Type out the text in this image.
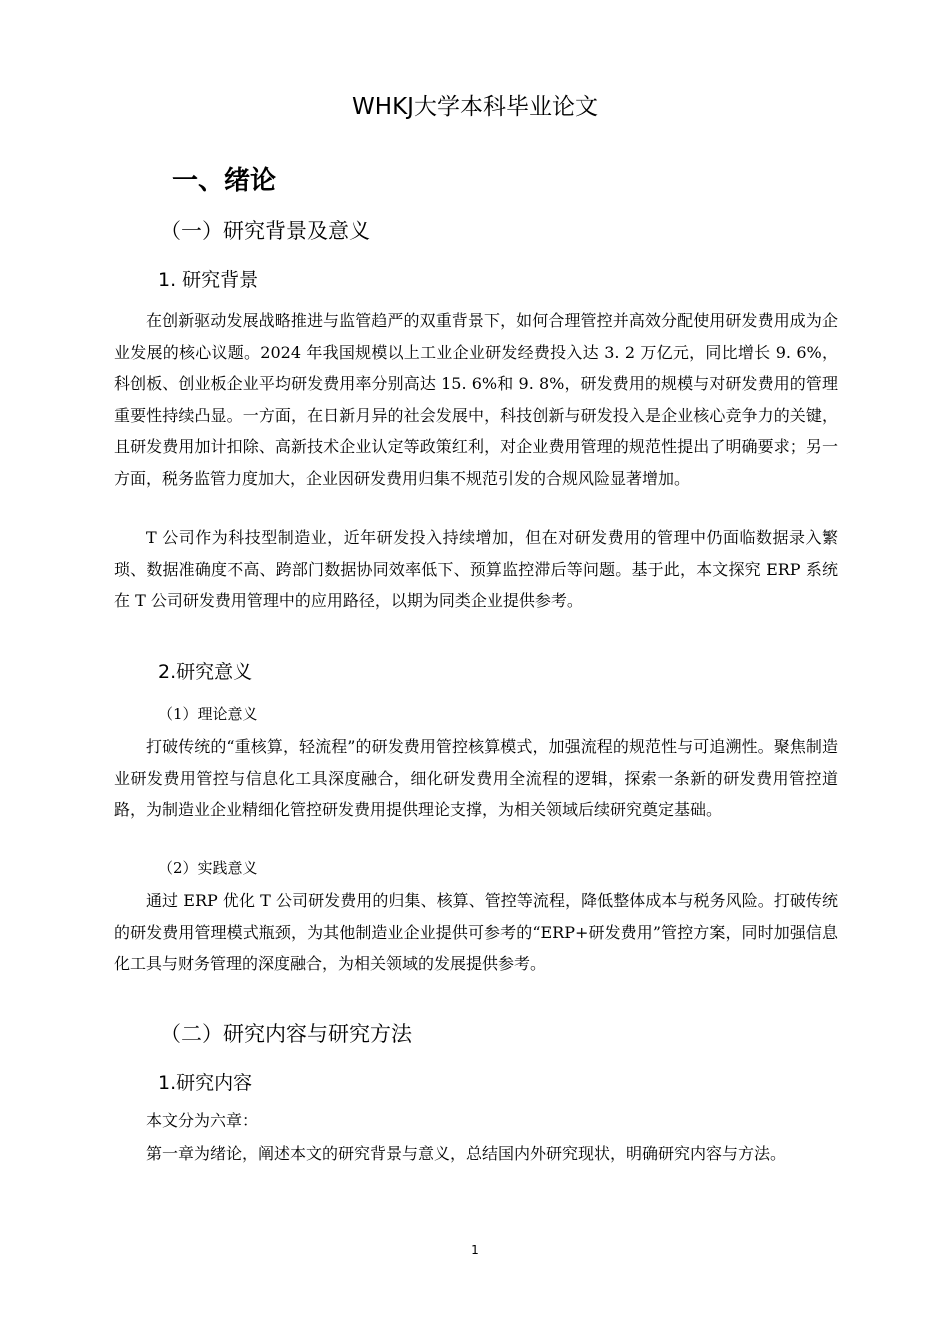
WHKJ大学本科毕业论文
一、绪论
（一）研究背景及意义
1. 研究背景

在创新驱动发展战略推进与监管趋严的双重背景下，如何合理管控并高效分配使用研发费用成为企业发展的核心议题。2024 年我国规模以上工业企业研发经费投入达 3. 2 万亿元，同比增长 9. 6%，科创板、创业板企业平均研发费用率分别高达 15. 6%和 9. 8%，研发费用的规模与对研发费用的管理重要性持续凸显。一方面，在日新月异的社会发展中，科技创新与研发投入是企业核心竞争力的关键，且研发费用加计扣除、高新技术企业认定等政策红利，对企业费用管理的规范性提出了明确要求；另一方面，税务监管力度加大，企业因研发费用归集不规范引发的合规风险显著增加。

T 公司作为科技型制造业，近年研发投入持续增加，但在对研发费用的管理中仍面临数据录入繁琐、数据准确度不高、跨部门数据协同效率低下、预算监控滞后等问题。基于此，本文探究 ERP 系统在 T 公司研发费用管理中的应用路径，以期为同类企业提供参考。

2.研究意义
（1）理论意义

打破传统的“重核算，轻流程”的研发费用管控核算模式，加强流程的规范性与可追溯性。聚焦制造业研发费用管控与信息化工具深度融合，细化研发费用全流程的逻辑，探索一条新的研发费用管控道路，为制造业企业精细化管控研发费用提供理论支撑，为相关领域后续研究奠定基础。

（2）实践意义

通过 ERP 优化 T 公司研发费用的归集、核算、管控等流程，降低整体成本与税务风险。打破传统的研发费用管理模式瓶颈，为其他制造业企业提供可参考的“ERP+研发费用”管控方案，同时加强信息化工具与财务管理的深度融合，为相关领域的发展提供参考。

（二）研究内容与研究方法
1.研究内容

本文分为六章：

第一章为绪论，阐述本文的研究背景与意义，总结国内外研究现状，明确研究内容与方法。

1
